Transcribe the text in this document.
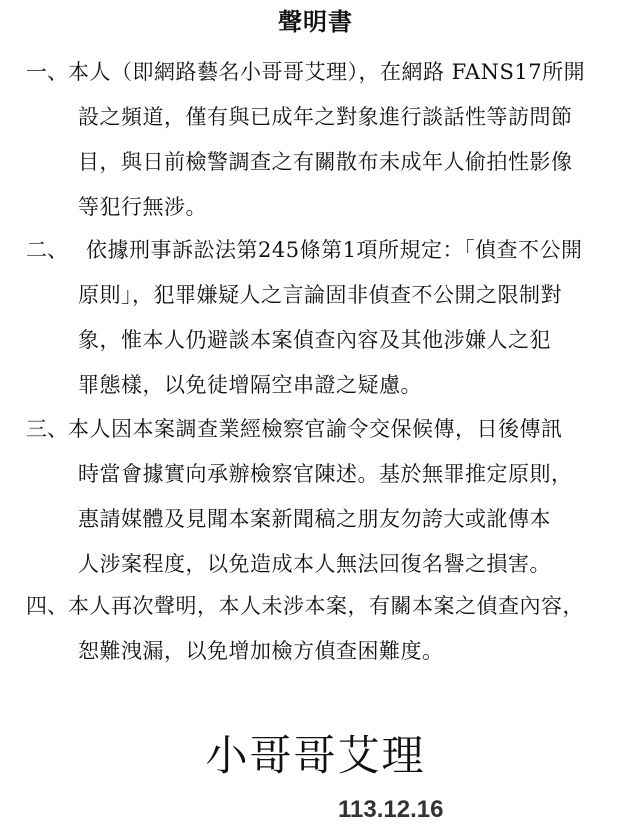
聲明書
一、 本人（即網路藝名小哥哥艾理），在網路 FANS17所開
設之頻道，僅有與已成年之對象進行談話性等訪問節
目，與日前檢警調查之有關散布未成年人偷拍性影像
等犯行無涉。
二、 依據刑事訴訟法第245條第1項所規定：「偵查不公開
原則」，犯罪嫌疑人之言論固非偵查不公開之限制對
象，惟本人仍避談本案偵查內容及其他涉嫌人之犯
罪態樣，以免徒增隔空串證之疑慮。
三、 本人因本案調查業經檢察官諭令交保候傳，日後傳訊
時當會據實向承辦檢察官陳述。基於無罪推定原則，
惠請媒體及見聞本案新聞稿之朋友勿誇大或訛傳本
人涉案程度，以免造成本人無法回復名譽之損害。
四、 本人再次聲明，本人未涉本案，有關本案之偵查內容，
恕難洩漏，以免增加檢方偵查困難度。
小哥哥艾理
113.12.16
